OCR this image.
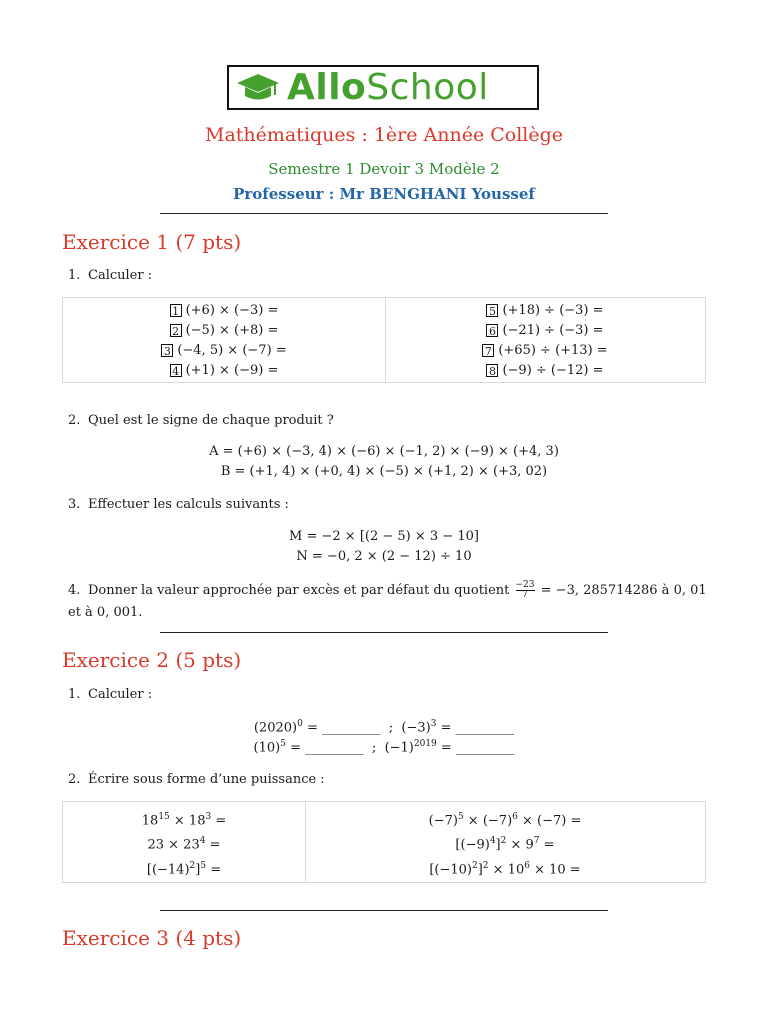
AlloSchool
Mathématiques : 1ère Année Collège
Semestre 1 Devoir 3 Modèle 2
Professeur : Mr BENGHANI Youssef
Exercice 1 (7 pts)
1. Calculer :
1 (+6) × (−3) =
2 (−5) × (+8) =
3 (−4, 5) × (−7) =
4 (+1) × (−9) =
5 (+18) ÷ (−3) =
6 (−21) ÷ (−3) =
7 (+65) ÷ (+13) =
8 (−9) ÷ (−12) =
2. Quel est le signe de chaque produit ?
A = (+6) × (−3, 4) × (−6) × (−1, 2) × (−9) × (+4, 3)
B = (+1, 4) × (+0, 4) × (−5) × (+1, 2) × (+3, 02)
3. Effectuer les calculs suivants :
M = −2 × [(2 − 5) × 3 − 10]
N = −0, 2 × (2 − 12) ÷ 10
4. Donner la valeur approchée par excès et par défaut du quotient $\frac{-23}{7} = -3$, 285714286 à 0, 01 et à 0, 001.
Exercice 2 (5 pts)
1. Calculer :
$(2020)^0$ = _________ ; $(-3)^3$ = _________
$(10)^5$ = _________ ; $(-1)^{2019}$ = _________
2. Écrire sous forme d’une puissance :
$18^{15} \times 18^3$ =
$23 \times 23^4$ =
$[(-14)^2]^5$ =
$(-7)^5 \times (-7)^6 \times (-7)$ =
$[(-9)^4]^2 \times 9^7$ =
$[(-10)^2]^2 \times 10^6 \times 10$ =
Exercice 3 (4 pts)
